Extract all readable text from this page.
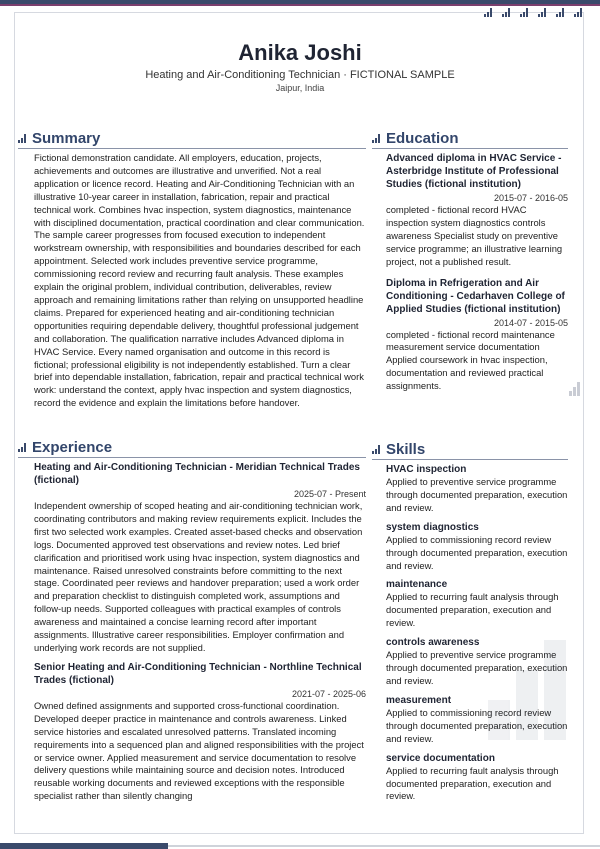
Anika Joshi
Heating and Air-Conditioning Technician · FICTIONAL SAMPLE
Jaipur, India
Summary
Fictional demonstration candidate. All employers, education, projects, achievements and outcomes are illustrative and unverified. Not a real application or licence record. Heating and Air-Conditioning Technician with an illustrative 10-year career in installation, fabrication, repair and practical technical work. Combines hvac inspection, system diagnostics, maintenance with disciplined documentation, practical coordination and clear communication. The sample career progresses from focused execution to independent workstream ownership, with responsibilities and boundaries described for each appointment. Selected work includes preventive service programme, commissioning record review and recurring fault analysis. These examples explain the original problem, individual contribution, deliverables, review approach and remaining limitations rather than relying on unsupported headline claims. Prepared for experienced heating and air-conditioning technician opportunities requiring dependable delivery, thoughtful professional judgement and collaboration. The qualification narrative includes Advanced diploma in HVAC Service. Every named organisation and outcome in this record is fictional; professional eligibility is not independently established. Turn a clear brief into dependable installation, fabrication, repair and practical technical work work: understand the context, apply hvac inspection and system diagnostics, record the evidence and explain the limitations before handover.
Experience
Heating and Air-Conditioning Technician - Meridian Technical Trades (fictional)
2025-07 - Present
Independent ownership of scoped heating and air-conditioning technician work, coordinating contributors and making review requirements explicit. Includes the first two selected work examples. Created asset-based checks and observation logs. Documented approved test observations and review notes. Led brief clarification and prioritised work using hvac inspection, system diagnostics and maintenance. Raised unresolved constraints before committing to the next stage. Coordinated peer reviews and handover preparation; used a work order and preparation checklist to distinguish completed work, assumptions and follow-up needs. Supported colleagues with practical examples of controls awareness and maintained a concise learning record after important assignments. Illustrative career responsibilities. Employer confirmation and underlying work records are not supplied.
Senior Heating and Air-Conditioning Technician - Northline Technical Trades (fictional)
2021-07 - 2025-06
Owned defined assignments and supported cross-functional coordination. Developed deeper practice in maintenance and controls awareness. Linked service histories and escalated unresolved patterns. Translated incoming requirements into a sequenced plan and aligned responsibilities with the project or service owner. Applied measurement and service documentation to resolve delivery questions while maintaining source and decision notes. Introduced reusable working documents and reviewed exceptions with the responsible specialist rather than silently changing
Education
Advanced diploma in HVAC Service - Asterbridge Institute of Professional Studies (fictional institution)
2015-07 - 2016-05
completed - fictional record HVAC inspection system diagnostics controls awareness Specialist study on preventive service programme; an illustrative learning project, not a published result.
Diploma in Refrigeration and Air Conditioning - Cedarhaven College of Applied Studies (fictional institution)
2014-07 - 2015-05
completed - fictional record maintenance measurement service documentation Applied coursework in hvac inspection, documentation and reviewed practical assignments.
Skills
HVAC inspection
Applied to preventive service programme through documented preparation, execution and review.
system diagnostics
Applied to commissioning record review through documented preparation, execution and review.
maintenance
Applied to recurring fault analysis through documented preparation, execution and review.
controls awareness
Applied to preventive service programme through documented preparation, execution and review.
measurement
Applied to commissioning record review through documented preparation, execution and review.
service documentation
Applied to recurring fault analysis through documented preparation, execution and review.
